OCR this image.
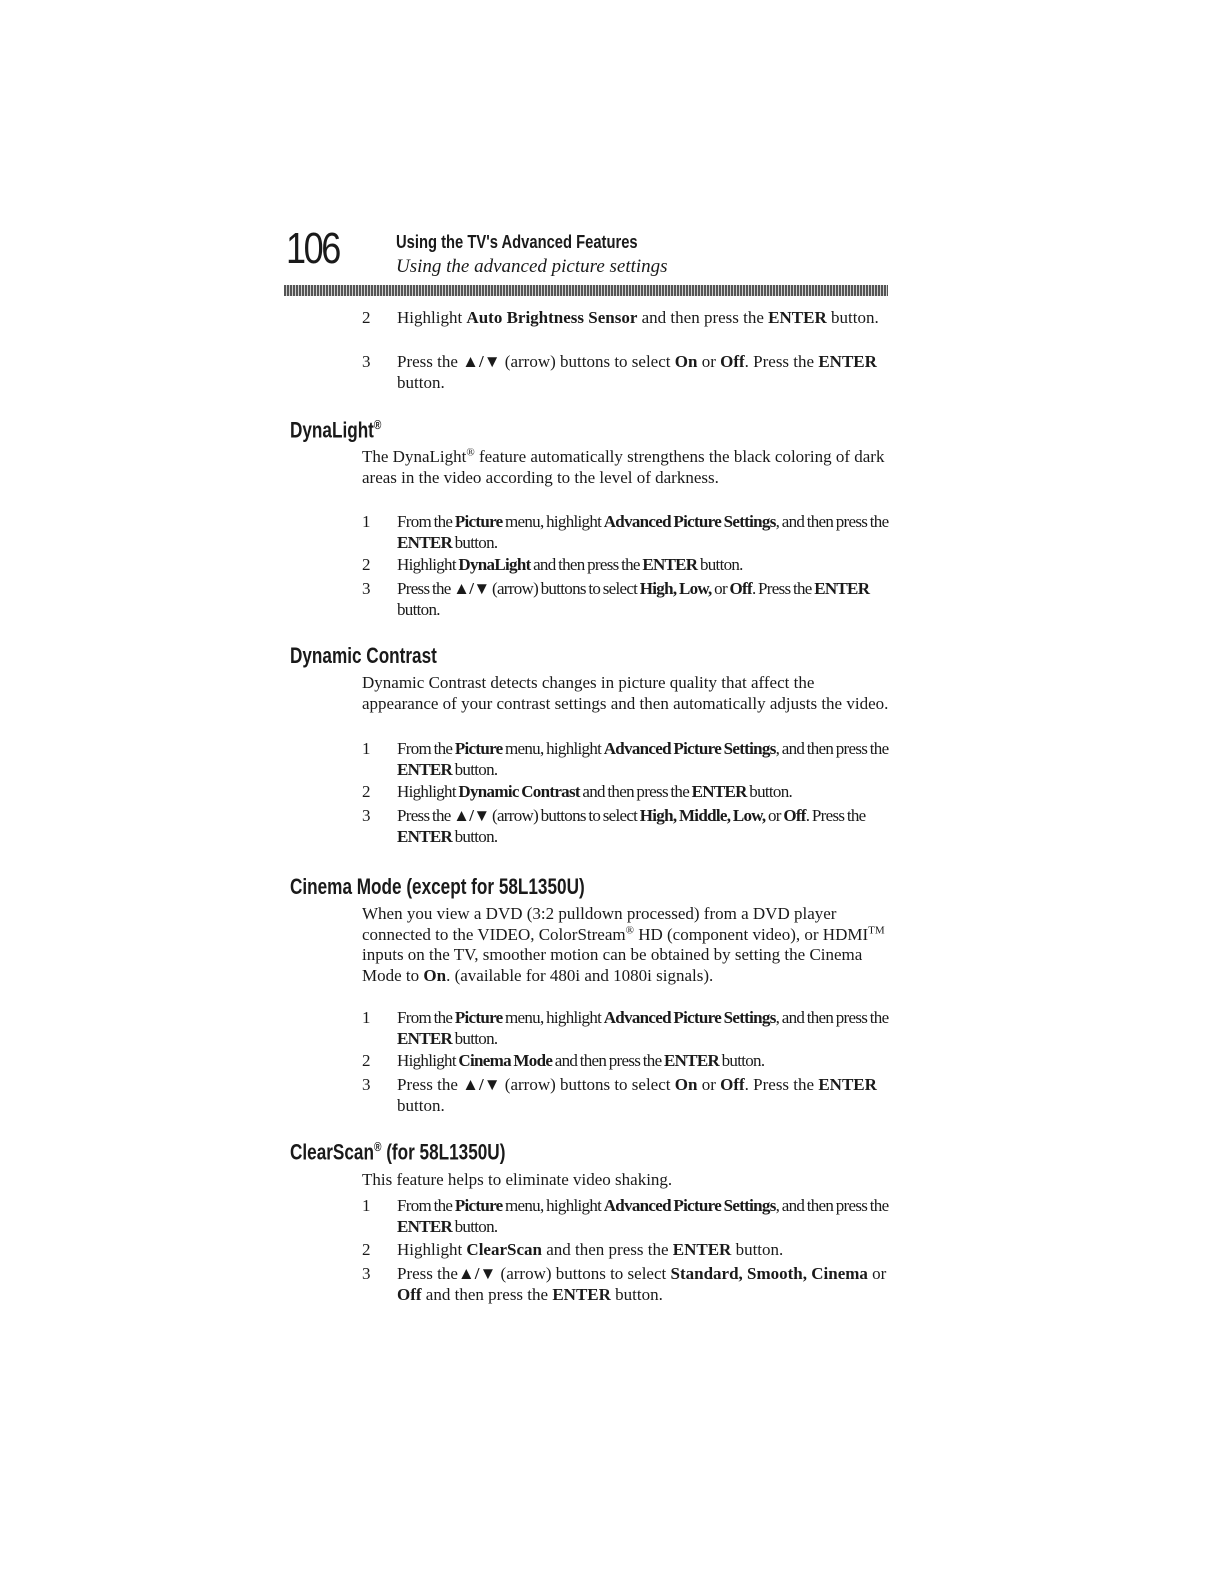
106	Using the TV's Advanced Features
Using the advanced picture settings
2	Highlight Auto Brightness Sensor and then press the ENTER button.
3	Press the ▲/▼ (arrow) buttons to select On or Off. Press the ENTER button.
DynaLight®
The DynaLight® feature automatically strengthens the black coloring of dark areas in the video according to the level of darkness.
1	From the Picture menu, highlight Advanced Picture Settings, and then press the ENTER button.
2	Highlight DynaLight and then press the ENTER button.
3	Press the ▲/▼ (arrow) buttons to select High, Low, or Off. Press the ENTER button.
Dynamic Contrast
Dynamic Contrast detects changes in picture quality that affect the appearance of your contrast settings and then automatically adjusts the video.
1	From the Picture menu, highlight Advanced Picture Settings, and then press the ENTER button.
2	Highlight Dynamic Contrast and then press the ENTER button.
3	Press the ▲/▼ (arrow) buttons to select High, Middle, Low, or Off. Press the ENTER button.
Cinema Mode (except for 58L1350U)
When you view a DVD (3:2 pulldown processed) from a DVD player connected to the VIDEO, ColorStream® HD (component video), or HDMI™ inputs on the TV, smoother motion can be obtained by setting the Cinema Mode to On. (available for 480i and 1080i signals).
1	From the Picture menu, highlight Advanced Picture Settings, and then press the ENTER button.
2	Highlight Cinema Mode and then press the ENTER button.
3	Press the ▲/▼ (arrow) buttons to select On or Off. Press the ENTER button.
ClearScan® (for 58L1350U)
This feature helps to eliminate video shaking.
1	From the Picture menu, highlight Advanced Picture Settings, and then press the ENTER button.
2	Highlight ClearScan and then press the ENTER button.
3	Press the▲/▼ (arrow) buttons to select Standard, Smooth, Cinema or Off and then press the ENTER button.
